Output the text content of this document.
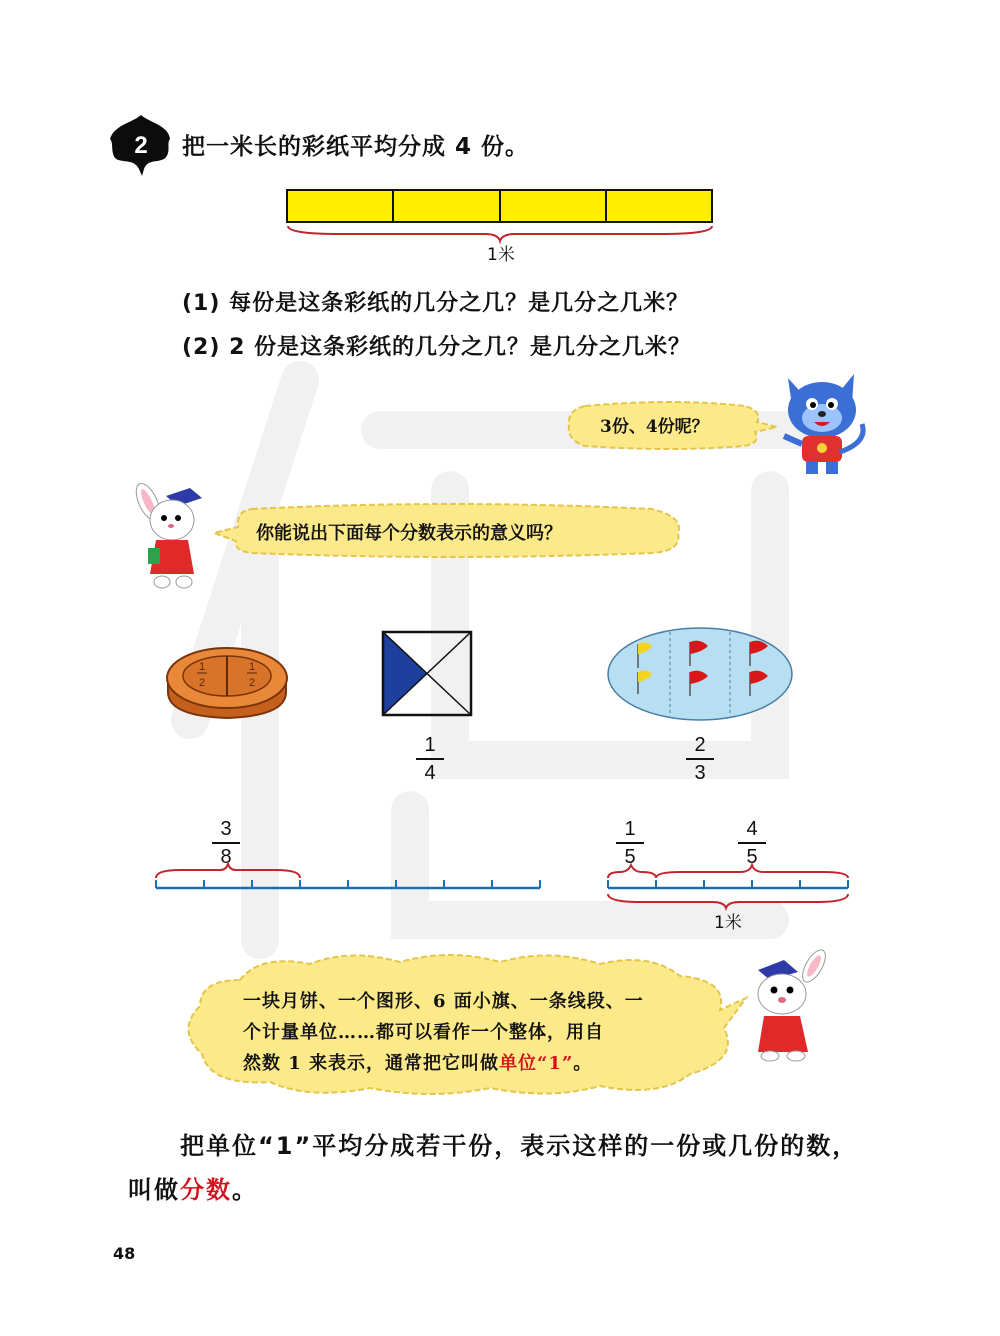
2 把一米长的彩纸平均分成 4 份。
1米
(1) 每份是这条彩纸的几分之几？是几分之几米？
(2) 2 份是这条彩纸的几分之几？是几分之几米？
3份、4份呢？
你能说出下面每个分数表示的意义吗？
1
2
1
2
1
4
2
3
3
8
1
5
4
5
1米
一块月饼、一个图形、6 面小旗、一条线段、一
个计量单位……都可以看作一个整体，用自
然数 1 来表示，通常把它叫做单位“1”。
把单位“1”平均分成若干份，表示这样的一份或几份的数，
叫做分数。
48
